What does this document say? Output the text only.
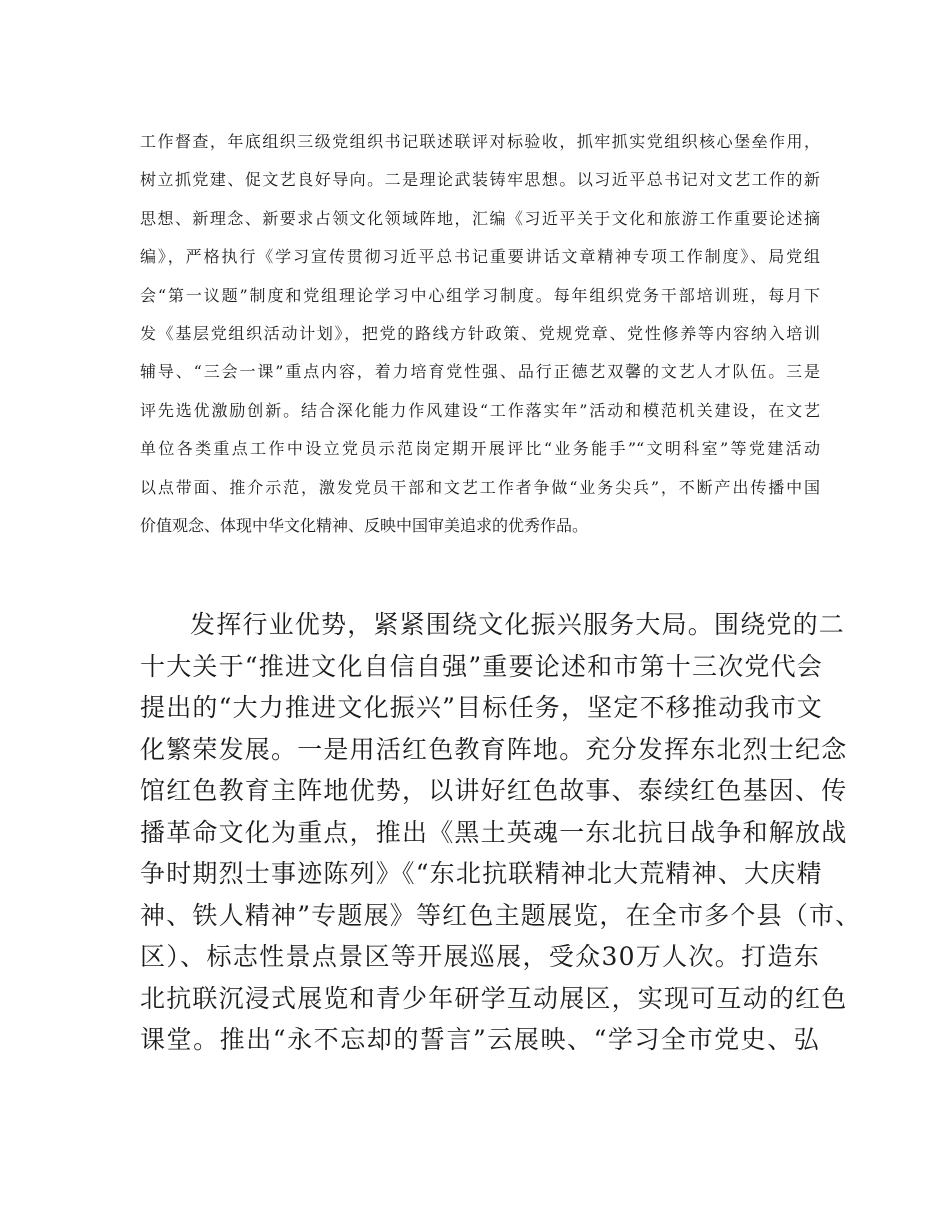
工作督查，年底组织三级党组织书记联述联评对标验收，抓牢抓实党组织核心堡垒作用，
树立抓党建、促文艺良好导向。二是理论武装铸牢思想。以习近平总书记对文艺工作的新
思想、新理念、新要求占领文化领域阵地，汇编《习近平关于文化和旅游工作重要论述摘
编》，严格执行《学习宣传贯彻习近平总书记重要讲话文章精神专项工作制度》、局党组
会“第一议题”制度和党组理论学习中心组学习制度。每年组织党务干部培训班，每月下
发《基层党组织活动计划》，把党的路线方针政策、党规党章、党性修养等内容纳入培训
辅导、“三会一课”重点内容，着力培育党性强、品行正德艺双馨的文艺人才队伍。三是
评先选优激励创新。结合深化能力作风建设“工作落实年”活动和模范机关建设，在文艺
单位各类重点工作中设立党员示范岗定期开展评比“业务能手”“文明科室”等党建活动
以点带面、推介示范，激发党员干部和文艺工作者争做“业务尖兵”，不断产出传播中国
价值观念、体现中华文化精神、反映中国审美追求的优秀作品。
发挥行业优势，紧紧围绕文化振兴服务大局。围绕党的二
十大关于“推进文化自信自强”重要论述和市第十三次党代会
提出的“大力推进文化振兴”目标任务，坚定不移推动我市文
化繁荣发展。一是用活红色教育阵地。充分发挥东北烈士纪念
馆红色教育主阵地优势，以讲好红色故事、泰续红色基因、传
播革命文化为重点，推出《黑土英魂一东北抗日战争和解放战
争时期烈士事迹陈列》《“东北抗联精神北大荒精神、大庆精
神、铁人精神”专题展》等红色主题展览，在全市多个县（市、
区）、标志性景点景区等开展巡展，受众30万人次。打造东
北抗联沉浸式展览和青少年研学互动展区，实现可互动的红色
课堂。推出“永不忘却的誓言”云展映、“学习全市党史、弘
